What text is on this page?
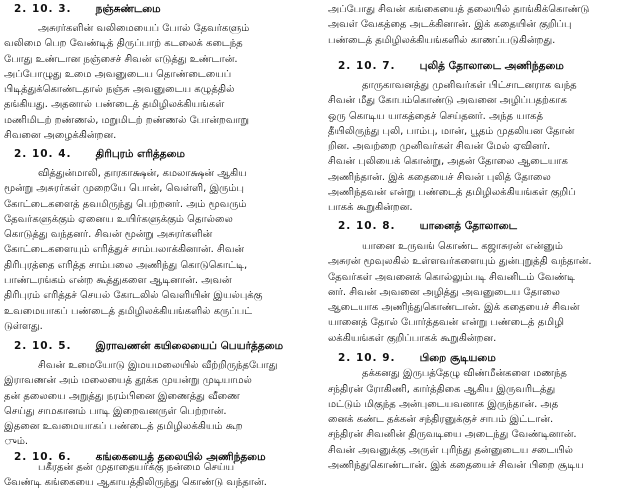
2. 10. 3. நஞ்சுண்டமை
அசுரர்களின் வலிமையைப் போல் தேவர்களும்
வலிமை பெற வேண்டித் திருப்பாற் கடலைக் கடைந்த
போது உண்டான நஞ்சைச் சிவன் எடுத்து உண்டான்.
அப்போழுது உமை அவனுடைய தொண்டையைப்
பிடித்துக்கொண்டதால் நஞ்சு அவனுடைய கழுத்தில்
தங்கியது. அதனால் பண்டைத் தமிழிலக்கியங்கள்
மணிமிடற் றண்ணல், மறுமிடற் றண்ணல் போன்றவாறு
சிவனை அழைக்கின்றன.
2. 10. 4. திரிபுரம் எரித்தமை
வித்துன்மாலி, தாரகாக்ஷன், கமலாக்ஷன் ஆகிய
மூன்று அசுரர்கள் முறையே பொன், வெள்ளி, இரும்பு
கோட்டைகளைத் தவமிருந்து பெற்றனர். அம் மூவரும்
தேவர்களுக்கும் ஏனைய உயிர்களுக்கும் தொல்லை
கொடுத்து வந்தனர். சிவன் மூன்று அசுரர்களின்
கோட்டைகளையும் எரித்துச் சாம்பலாக்கினான். சிவன்
திரிபுரத்தை எரித்த சாம்பலை அணிந்து கொடுகொட்டி,
பாண்டரங்கம் என்ற கூத்துகளை ஆடினான். அவன்
திரிபுரம் எரித்தச் செயல் கோடலில் வெளியின் இயல்புக்கு
உவமையாகப் பண்டைத் தமிழிலக்கியங்களில் கருப்பட்
டுள்ளது.
2. 10. 5. இராவணன் கயிலையைப் பெயர்த்தமை
சிவன் உமையோடு இமயமலையில் வீற்றிருந்தபோது
இராவணன் அம் மலையைத் தூக்க முயன்று முடியாமல்
தன் தலையை அறுத்து நரம்பினை இணைத்து வீணை
செய்து சாமகானம் பாடி இறைவனருள் பெற்றான்.
இதனை உவமையாகப் பண்டைத் தமிழிலக்கியம் கூற
ும்.
2. 10. 6. கங்கையைத் தலையில் அணிந்தமை
பகீரதன் தன் முதாதையர்க்கு நன்மை செய்ய
வேண்டி கங்கையை ஆகாயத்திலிருந்து கொண்டு வந்தான்.
அப்போது சிவன் கங்கையைத் தலையில் தாங்கிக்கொண்டு
அவள் வேகத்தை அடக்கினான். இக் கதையின் குறிப்பு
பண்டைத் தமிழிலக்கியங்களில் காணப்படுகின்றது.
2. 10. 7. புலித் தோலாடை அணிந்தமை
தாருகாவனத்து முனிவர்கள் பிட்சாடனராக வந்த
சிவன் மீது கோபம்கொண்டு அவனை அழிப்பதற்காக
ஒரு கொடிய யாகத்தைச் செய்தனர். அந்த யாகத்
தீயிலிருந்து புலி, பாம்பு, மான், பூதம் முதலியன தோன்
றின. அவற்றை முனிவர்கள் சிவன் மேல் ஏவினர்.
சிவன் புலியைக் கொன்று, அதன் தோலை ஆடையாக
அணிந்தான். இக் கதையைச் சிவன் புலித் தோலை
அணிந்தவன் என்று பண்டைத் தமிழிலக்கியங்கள் குறிப்
பாகக் கூறுகின்றன.
2. 10. 8. யானைத் தோலாடை
யானை உருவங் கொண்ட கஜாசுரன் என்னும்
அசுரன் மூவுலகில் உள்ளவர்களையும் துன்புறுத்தி வந்தான்.
தேவர்கள் அவனைக் கொல்லும்படி சிவனிடம் வேண்டி
னர். சிவன் அவனை அழித்து அவனுடைய தோலை
ஆடையாக அணிந்துகொண்டான். இக் கதையைச் சிவன்
யானைத் தோல் போர்த்தவன் என்று பண்டைத் தமிழி
லக்கியங்கள் குறிப்பாகக் கூறுகின்றன.
2. 10. 9. பிறை சூடியமை
தக்கனது இருபத்தேழு விண்மீன்களை மணந்த
சந்திரன் ரோகிணி, கார்த்திகை ஆகிய இருவரிடத்து
மட்டும் மிகுந்த அன்புடையவனாக இருந்தான். அத
னைக் கண்ட தக்கன் சந்திரனுக்குச் சாபம் இட்டான்.
சந்திரன் சிவனின் திருவடியை அடைந்து வேண்டினான்.
சிவன் அவனுக்கு அருள் புரிந்து தன்னுடைய சடையில்
அணிந்துகொண்டான். இக் கதையைச் சிவன் பிறை சூடிய
